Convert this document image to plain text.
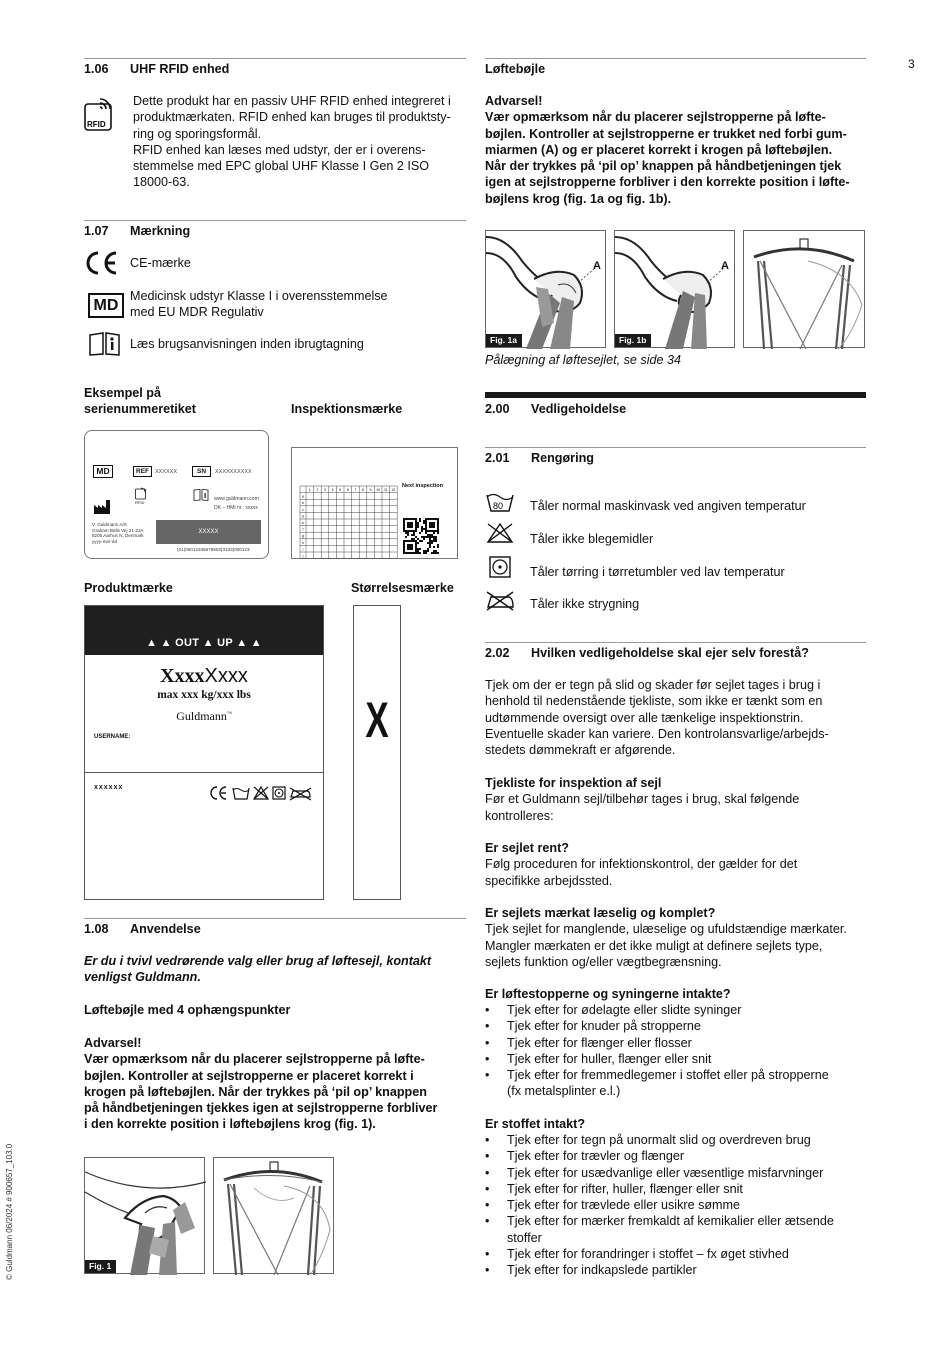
3
© Guldmann 06/2024 # 900657_103.0
1.06 UHF RFID enhed
RFID
Dette produkt har en passiv UHF RFID enhed integreret i
produktmærkaten. RFID enhed kan bruges til produktsty-
ring og sporingsformål.
RFID enhed kan læses med udstyr, der er i overens-
stemmelse med EPC global UHF Klasse I Gen 2 ISO
18000-63.
1.07 Mærkning
CE-mærke
MD
Medicinsk udstyr Klasse I i overensstemmelse
med EU MDR Regulativ
Læs brugsanvisningen inden ibrugtagning
Eksempel på
serienummeretiket	Inspektionsmærke
MD	REF	XXXXXX	SN	XXXXXXXXXX
RFID
www.guldmann.com
DK – HMI nr.: xxxxx
V. Guldmann A/S
Graham Bells Vej 21-23A
8200 Aarhus N, Denmark
yyyy-mm-dd
XXXXX
(01)05012345678903(3103)000123
1 2 3 4 5 6 7 8 9 10 11 12
a
b
c
d
e
f
g
h
i
j
Next inspection
Produktmærke	Størrelsesmærke
▲ ▲ OUT ▲ UP ▲ ▲
XxxxXxxx
max xxx kg/xxx lbs
Guldmann™
USERNAME:
xxxxxx
X
1.08 Anvendelse
Er du i tvivl vedrørende valg eller brug af løftesejl, kontakt
venligst Guldmann.
Løftebøjle med 4 ophængspunkter
Advarsel!
Vær opmærksom når du placerer sejlstropperne på løfte-
bøjlen. Kontroller at sejlstropperne er placeret korrekt i
krogen på løftebøjlen. Når der trykkes på ‘pil op’ knappen
på håndbetjeningen tjekkes igen at sejlstropperne forbliver
i den korrekte position i løftebøjlens krog (fig. 1).
Fig. 1
Løftebøjle
Advarsel!
Vær opmærksom når du placerer sejlstropperne på løfte-
bøjlen. Kontroller at sejlstropperne er trukket ned forbi gum-
miarmen (A) og er placeret korrekt i krogen på løftebøjlen.
Når der trykkes på ‘pil op’ knappen på håndbetjeningen tjek
igen at sejlstropperne forbliver i den korrekte position i løfte-
bøjlens krog (fig. 1a og fig. 1b).
A
Fig. 1a
A
Fig. 1b
Pålægning af løftesejlet, se side 34
2.00 Vedligeholdelse
2.01 Rengøring
80 Tåler normal maskinvask ved angiven temperatur
Tåler ikke blegemidler
Tåler tørring i tørretumbler ved lav temperatur
Tåler ikke strygning
2.02 Hvilken vedligeholdelse skal ejer selv forestå?
Tjek om der er tegn på slid og skader før sejlet tages i brug i
henhold til nedenstående tjekliste, som ikke er tænkt som en
udtømmende oversigt over alle tænkelige inspektionstrin.
Eventuelle skader kan variere. Den kontrolansvarlige/arbejds-
stedets dømmekraft er afgørende.
Tjekliste for inspektion af sejl
Før et Guldmann sejl/tilbehør tages i brug, skal følgende
kontrolleres:
Er sejlet rent?
Følg proceduren for infektionskontrol, der gælder for det
specifikke arbejdssted.
Er sejlets mærkat læselig og komplet?
Tjek sejlet for manglende, ulæselige og ufuldstændige mærkater.
Mangler mærkaten er det ikke muligt at definere sejlets type,
sejlets funktion og/eller vægtbegrænsning.
Er løftestopperne og syningerne intakte?
• Tjek efter for ødelagte eller slidte syninger
• Tjek efter for knuder på stropperne
• Tjek efter for flænger eller flosser
• Tjek efter for huller, flænger eller snit
• Tjek efter for fremmedlegemer i stoffet eller på stropperne
(fx metalsplinter e.l.)
Er stoffet intakt?
• Tjek efter for tegn på unormalt slid og overdreven brug
• Tjek efter for trævler og flænger
• Tjek efter for usædvanlige eller væsentlige misfarvninger
• Tjek efter for rifter, huller, flænger eller snit
• Tjek efter for trævlede eller usikre sømme
• Tjek efter for mærker fremkaldt af kemikalier eller ætsende
stoffer
• Tjek efter for forandringer i stoffet – fx øget stivhed
• Tjek efter for indkapslede partikler
